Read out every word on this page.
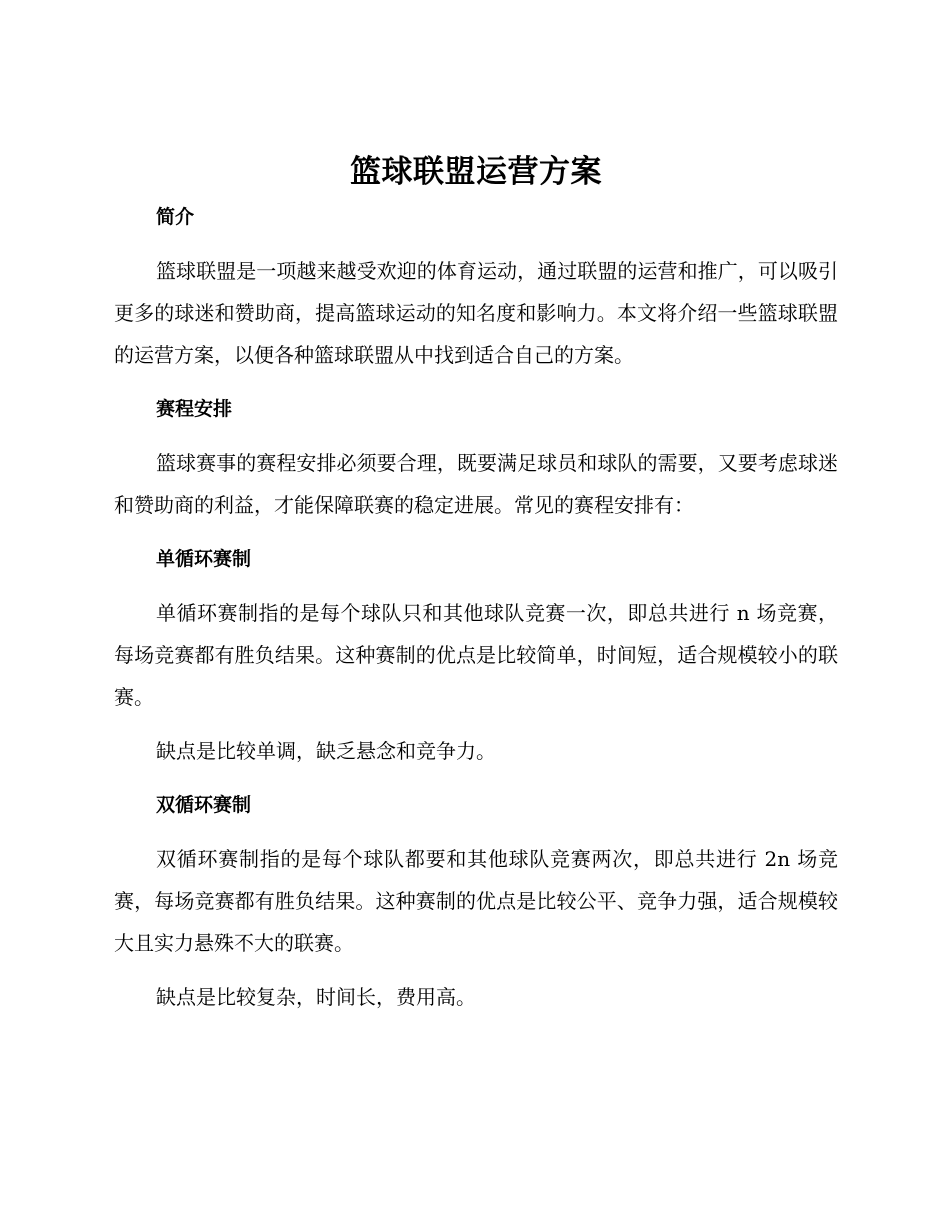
篮球联盟运营方案
简介

篮球联盟是一项越来越受欢迎的体育运动，通过联盟的运营和推广，可以吸引更多的球迷和赞助商，提高篮球运动的知名度和影响力。本文将介绍一些篮球联盟的运营方案，以便各种篮球联盟从中找到适合自己的方案。

赛程安排

篮球赛事的赛程安排必须要合理，既要满足球员和球队的需要，又要考虑球迷和赞助商的利益，才能保障联赛的稳定进展。常见的赛程安排有：

单循环赛制

单循环赛制指的是每个球队只和其他球队竞赛一次，即总共进行 n 场竞赛，每场竞赛都有胜负结果。这种赛制的优点是比较简单，时间短，适合规模较小的联赛。

缺点是比较单调，缺乏悬念和竞争力。

双循环赛制

双循环赛制指的是每个球队都要和其他球队竞赛两次，即总共进行 2n 场竞赛，每场竞赛都有胜负结果。这种赛制的优点是比较公平、竞争力强，适合规模较大且实力悬殊不大的联赛。

缺点是比较复杂，时间长，费用高。
